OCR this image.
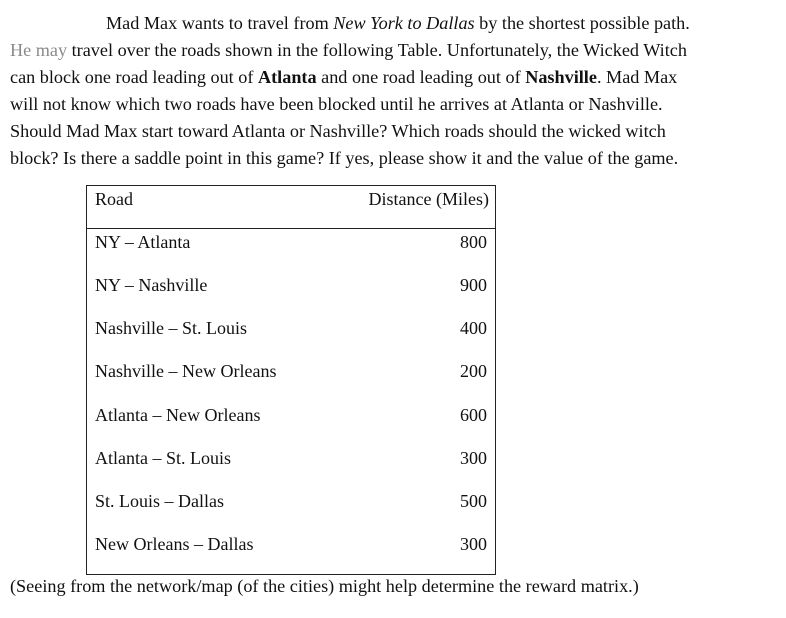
Mad Max wants to travel from New York to Dallas by the shortest possible path.
He may travel over the roads shown in the following Table. Unfortunately, the Wicked Witch
can block one road leading out of Atlanta and one road leading out of Nashville. Mad Max
will not know which two roads have been blocked until he arrives at Atlanta or Nashville.
Should Mad Max start toward Atlanta or Nashville? Which roads should the wicked witch
block? Is there a saddle point in this game? If yes, please show it and the value of the game.
Road	Distance (Miles)
NY – Atlanta	800
NY – Nashville	900
Nashville – St. Louis	400
Nashville – New Orleans	200
Atlanta – New Orleans	600
Atlanta – St. Louis	300
St. Louis – Dallas	500
New Orleans – Dallas	300
(Seeing from the network/map (of the cities) might help determine the reward matrix.)
